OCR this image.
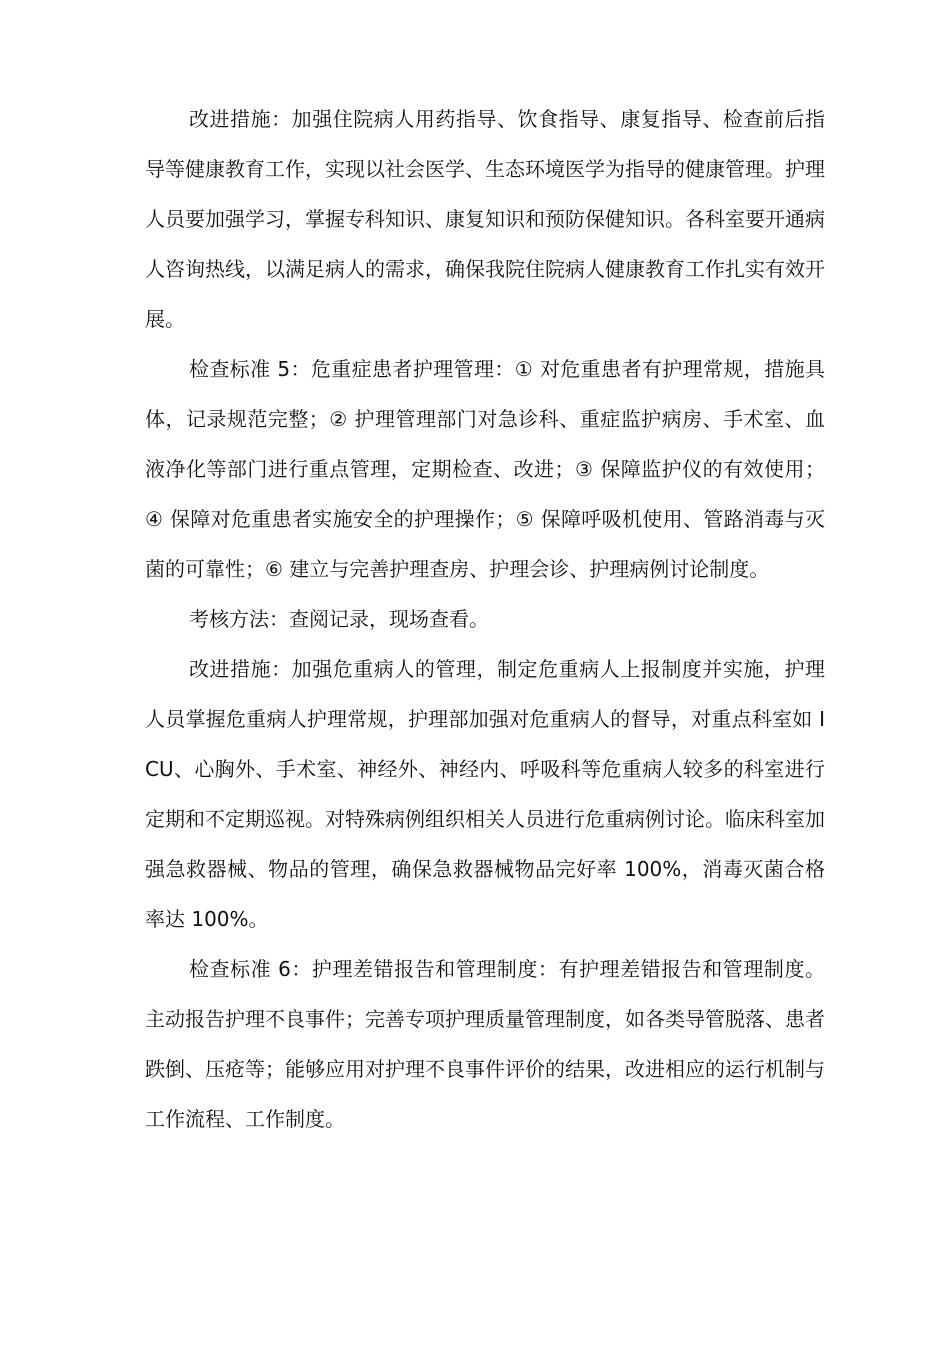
改进措施：加强住院病人用药指导、饮食指导、康复指导、检查前后指导等健康教育工作，实现以社会医学、生态环境医学为指导的健康管理。护理人员要加强学习，掌握专科知识、康复知识和预防保健知识。各科室要开通病人咨询热线，以满足病人的需求，确保我院住院病人健康教育工作扎实有效开展。

检查标准 5：危重症患者护理管理：① 对危重患者有护理常规，措施具体，记录规范完整；② 护理管理部门对急诊科、重症监护病房、手术室、血液净化等部门进行重点管理，定期检查、改进；③ 保障监护仪的有效使用；④ 保障对危重患者实施安全的护理操作；⑤ 保障呼吸机使用、管路消毒与灭菌的可靠性；⑥ 建立与完善护理查房、护理会诊、护理病例讨论制度。

考核方法：查阅记录，现场查看。

改进措施：加强危重病人的管理，制定危重病人上报制度并实施，护理人员掌握危重病人护理常规，护理部加强对危重病人的督导，对重点科室如 ICU、心胸外、手术室、神经外、神经内、呼吸科等危重病人较多的科室进行定期和不定期巡视。对特殊病例组织相关人员进行危重病例讨论。临床科室加强急救器械、物品的管理，确保急救器械物品完好率 100%，消毒灭菌合格率达 100%。

检查标准 6：护理差错报告和管理制度：有护理差错报告和管理制度。主动报告护理不良事件；完善专项护理质量管理制度，如各类导管脱落、患者跌倒、压疮等；能够应用对护理不良事件评价的结果，改进相应的运行机制与工作流程、工作制度。
